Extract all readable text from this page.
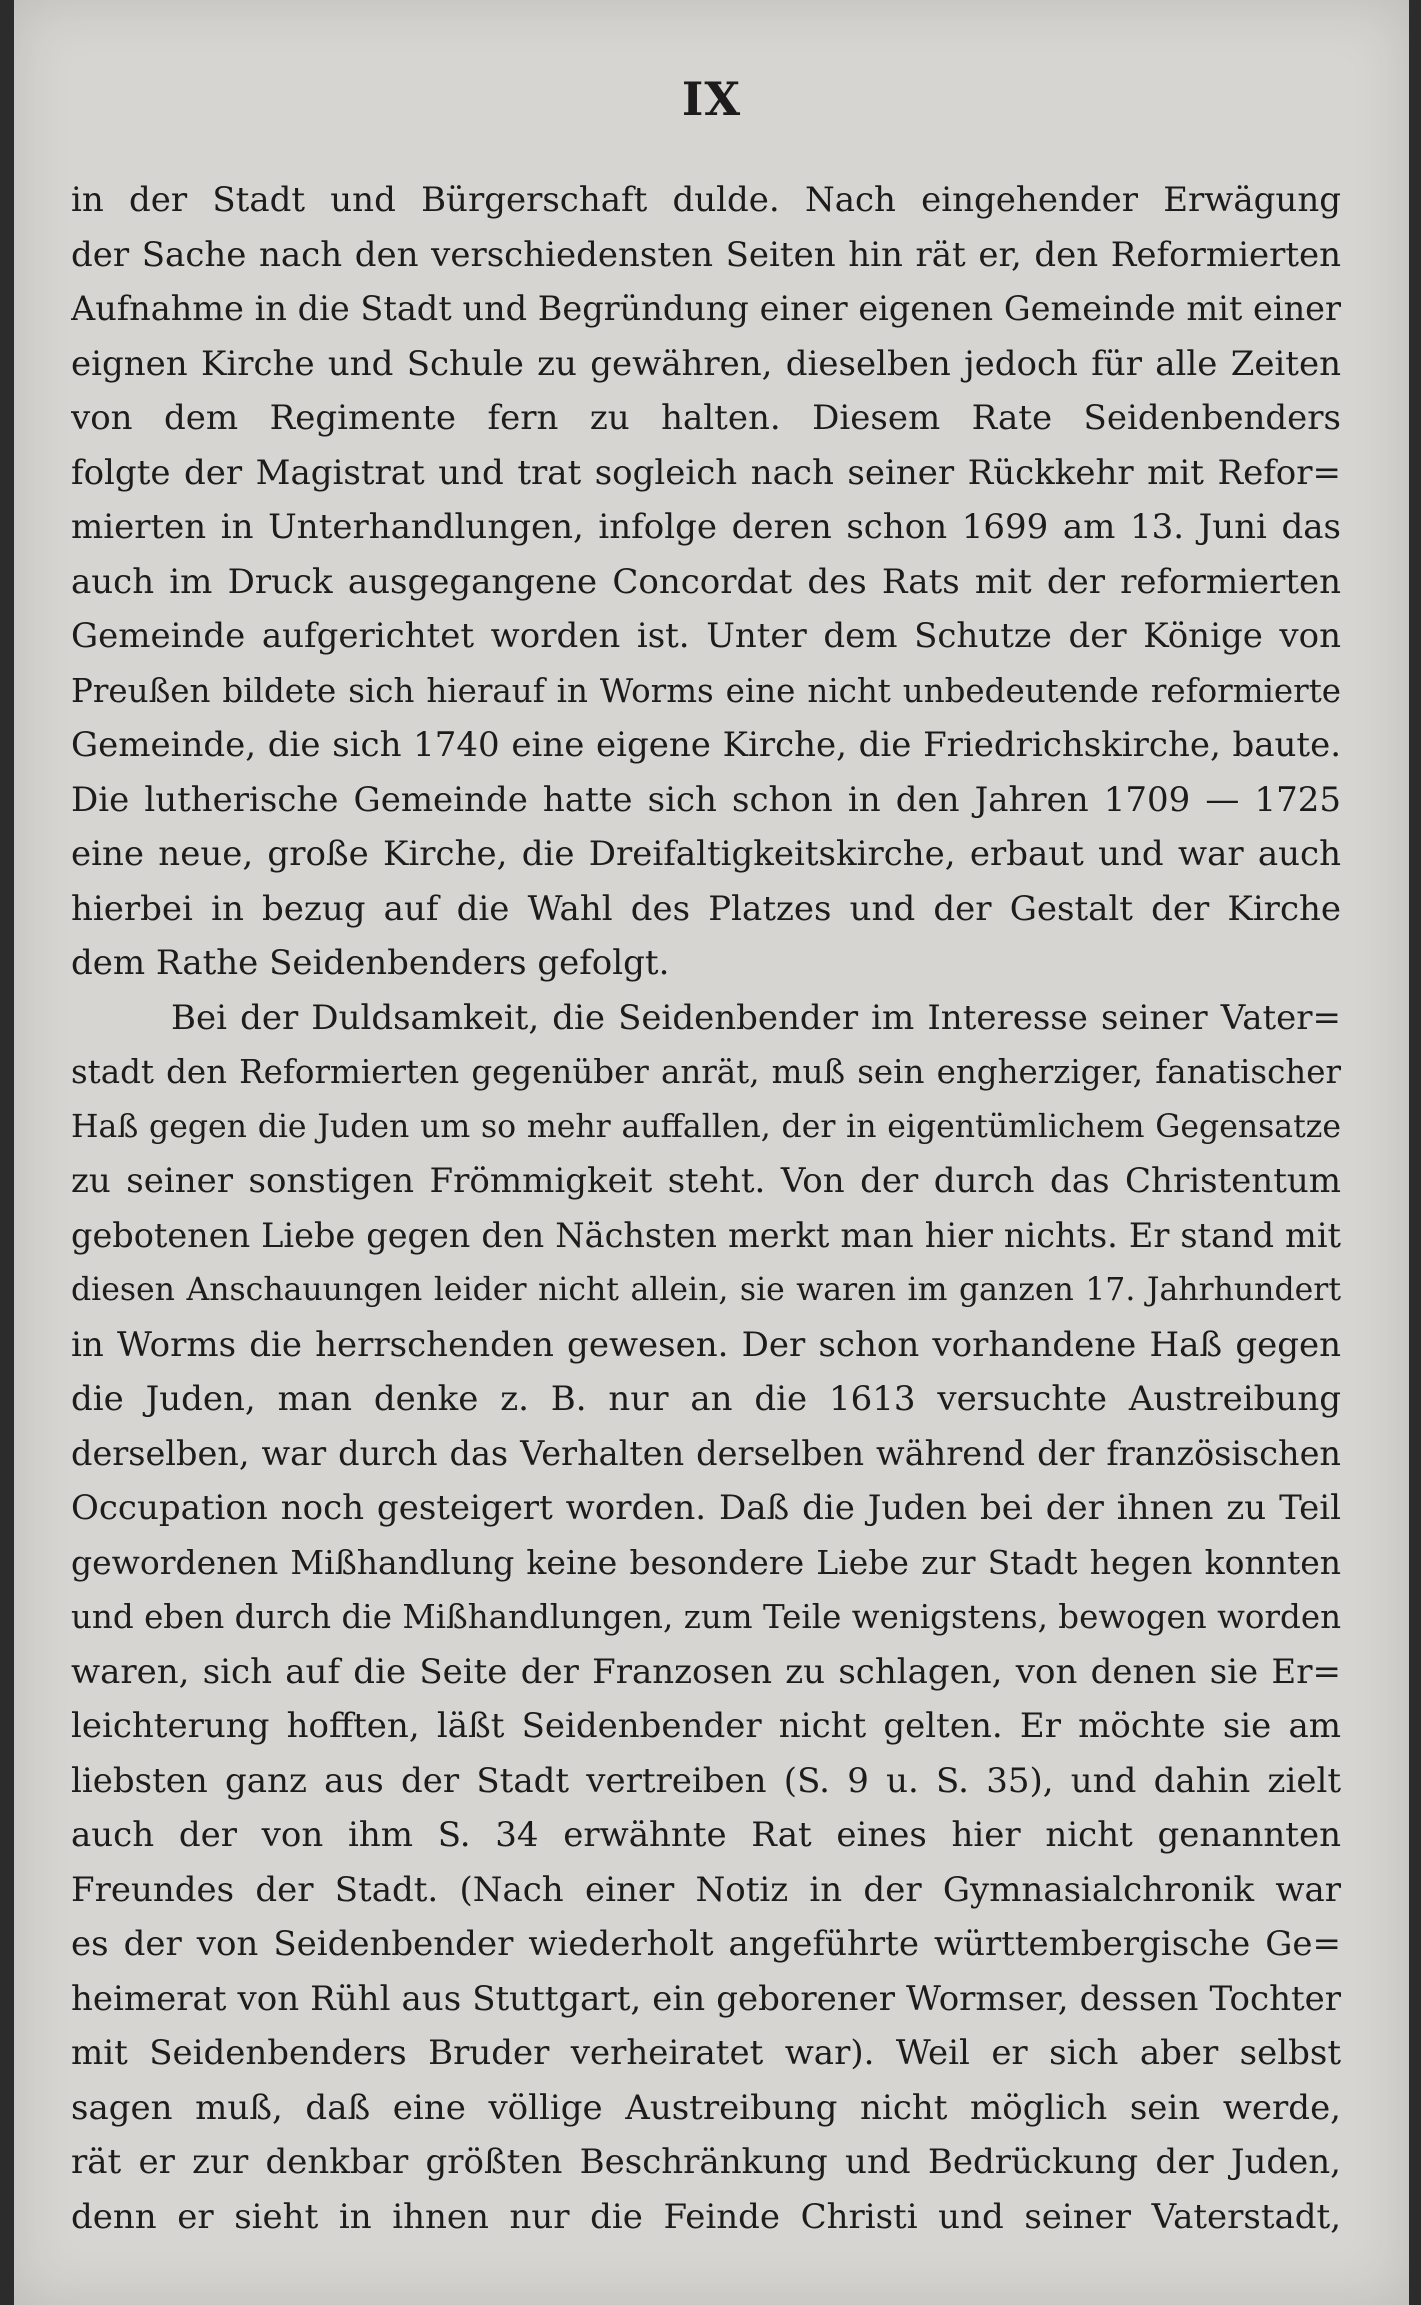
IX

in der Stadt und Bürgerschaft dulde. Nach eingehender Erwägung
der Sache nach den verschiedensten Seiten hin rät er, den Reformierten
Aufnahme in die Stadt und Begründung einer eigenen Gemeinde mit einer
eignen Kirche und Schule zu gewähren, dieselben jedoch für alle Zeiten
von dem Regimente fern zu halten. Diesem Rate Seidenbenders
folgte der Magistrat und trat sogleich nach seiner Rückkehr mit Refor=
mierten in Unterhandlungen, infolge deren schon 1699 am 13. Juni das
auch im Druck ausgegangene Concordat des Rats mit der reformierten
Gemeinde aufgerichtet worden ist. Unter dem Schutze der Könige von
Preußen bildete sich hierauf in Worms eine nicht unbedeutende reformierte
Gemeinde, die sich 1740 eine eigene Kirche, die Friedrichskirche, baute.
Die lutherische Gemeinde hatte sich schon in den Jahren 1709 — 1725
eine neue, große Kirche, die Dreifaltigkeitskirche, erbaut und war auch
hierbei in bezug auf die Wahl des Platzes und der Gestalt der Kirche
dem Rathe Seidenbenders gefolgt.

Bei der Duldsamkeit, die Seidenbender im Interesse seiner Vater=
stadt den Reformierten gegenüber anrät, muß sein engherziger, fanatischer
Haß gegen die Juden um so mehr auffallen, der in eigentümlichem Gegensatze
zu seiner sonstigen Frömmigkeit steht. Von der durch das Christentum
gebotenen Liebe gegen den Nächsten merkt man hier nichts. Er stand mit
diesen Anschauungen leider nicht allein, sie waren im ganzen 17. Jahrhundert
in Worms die herrschenden gewesen. Der schon vorhandene Haß gegen
die Juden, man denke z. B. nur an die 1613 versuchte Austreibung
derselben, war durch das Verhalten derselben während der französischen
Occupation noch gesteigert worden. Daß die Juden bei der ihnen zu Teil
gewordenen Mißhandlung keine besondere Liebe zur Stadt hegen konnten
und eben durch die Mißhandlungen, zum Teile wenigstens, bewogen worden
waren, sich auf die Seite der Franzosen zu schlagen, von denen sie Er=
leichterung hofften, läßt Seidenbender nicht gelten. Er möchte sie am
liebsten ganz aus der Stadt vertreiben (S. 9 u. S. 35), und dahin zielt
auch der von ihm S. 34 erwähnte Rat eines hier nicht genannten
Freundes der Stadt. (Nach einer Notiz in der Gymnasialchronik war
es der von Seidenbender wiederholt angeführte württembergische Ge=
heimerat von Rühl aus Stuttgart, ein geborener Wormser, dessen Tochter
mit Seidenbenders Bruder verheiratet war). Weil er sich aber selbst
sagen muß, daß eine völlige Austreibung nicht möglich sein werde,
rät er zur denkbar größten Beschränkung und Bedrückung der Juden,
denn er sieht in ihnen nur die Feinde Christi und seiner Vaterstadt,
